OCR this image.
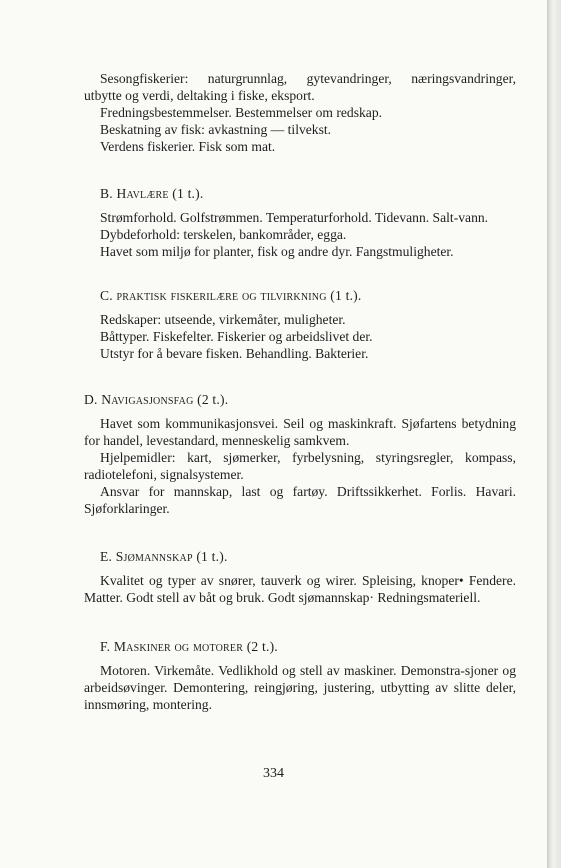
Sesongfiskerier: naturgrunnlag, gytevandringer, næringsvandringer,

utbytte og verdi, deltaking i fiske, eksport.

Fredningsbestemmelser. Bestemmelser om redskap.

Beskatning av fisk: avkastning — tilvekst.

Verdens fiskerier. Fisk som mat.

B. Havlære (1 t.).

Strømforhold. Golfstrømmen. Temperaturforhold. Tidevann. Salt-vann.

Dybdeforhold: terskelen, bankområder, egga.

Havet som miljø for planter, fisk og andre dyr. Fangstmuligheter.

C. praktisk fiskerilære og tilvirkning (1 t.).

Redskaper: utseende, virkemåter, muligheter.

Båttyper. Fiskefelter. Fiskerier og arbeidslivet der.

Utstyr for å bevare fisken. Behandling. Bakterier.

D. Navigasjonsfag (2 t.).

Havet som kommunikasjonsvei. Seil og maskinkraft. Sjøfartens betydning for handel, levestandard, menneskelig samkvem.

Hjelpemidler: kart, sjømerker, fyrbelysning, styringsregler, kompass, radiotelefoni, signalsystemer.

Ansvar for mannskap, last og fartøy. Driftssikkerhet. Forlis. Havari. Sjøforklaringer.

E. Sjømannskap (1 t.).

Kvalitet og typer av snører, tauverk og wirer. Spleising, knoper• Fendere. Matter. Godt stell av båt og bruk. Godt sjømannskap· Redningsmateriell.

F. Maskiner og motorer (2 t.).

Motoren. Virkemåte. Vedlikhold og stell av maskiner. Demonstra-sjoner og arbeidsøvinger. Demontering, reingjøring, justering, utbytting av slitte deler, innsmøring, montering.

334
